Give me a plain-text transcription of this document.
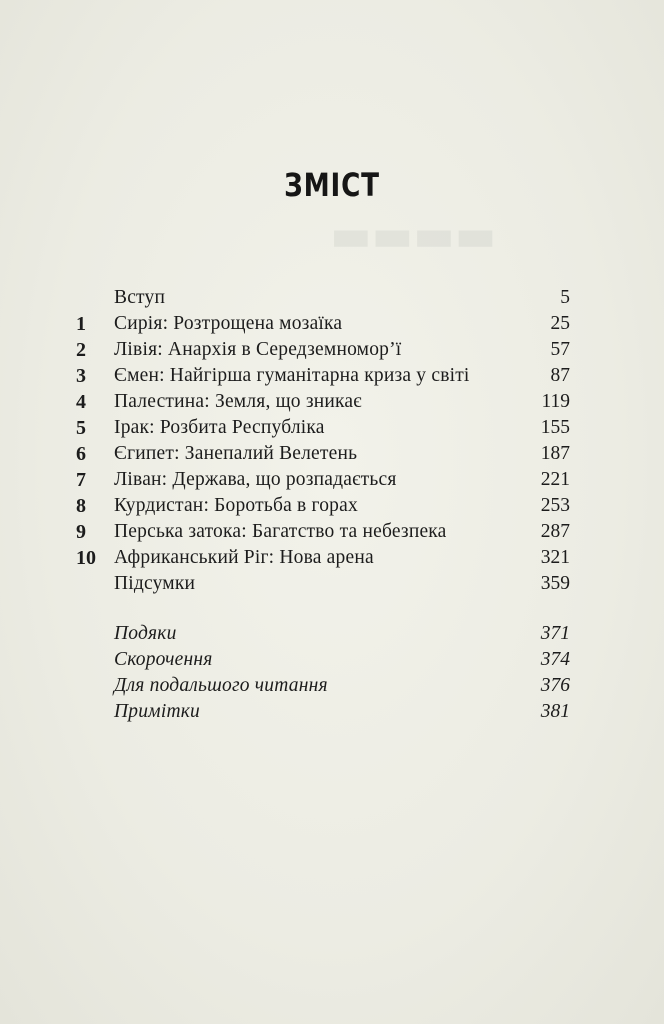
▬▬▬▬
ЗМІСТ
Вступ	5
1	Сирія: Розтрощена мозаїка	25
2	Лівія: Анархія в Середземномор’ї	57
3	Ємен: Найгірша гуманітарна криза у світі	87
4	Палестина: Земля, що зникає	119
5	Ірак: Розбита Республіка	155
6	Єгипет: Занепалий Велетень	187
7	Ліван: Держава, що розпадається	221
8	Курдистан: Боротьба в горах	253
9	Перська затока: Багатство та небезпека	287
10 Африканський Ріг: Нова арена	321
Підсумки	359
Подяки	371
Скорочення	374
Для подальшого читання	376
Примітки	381
